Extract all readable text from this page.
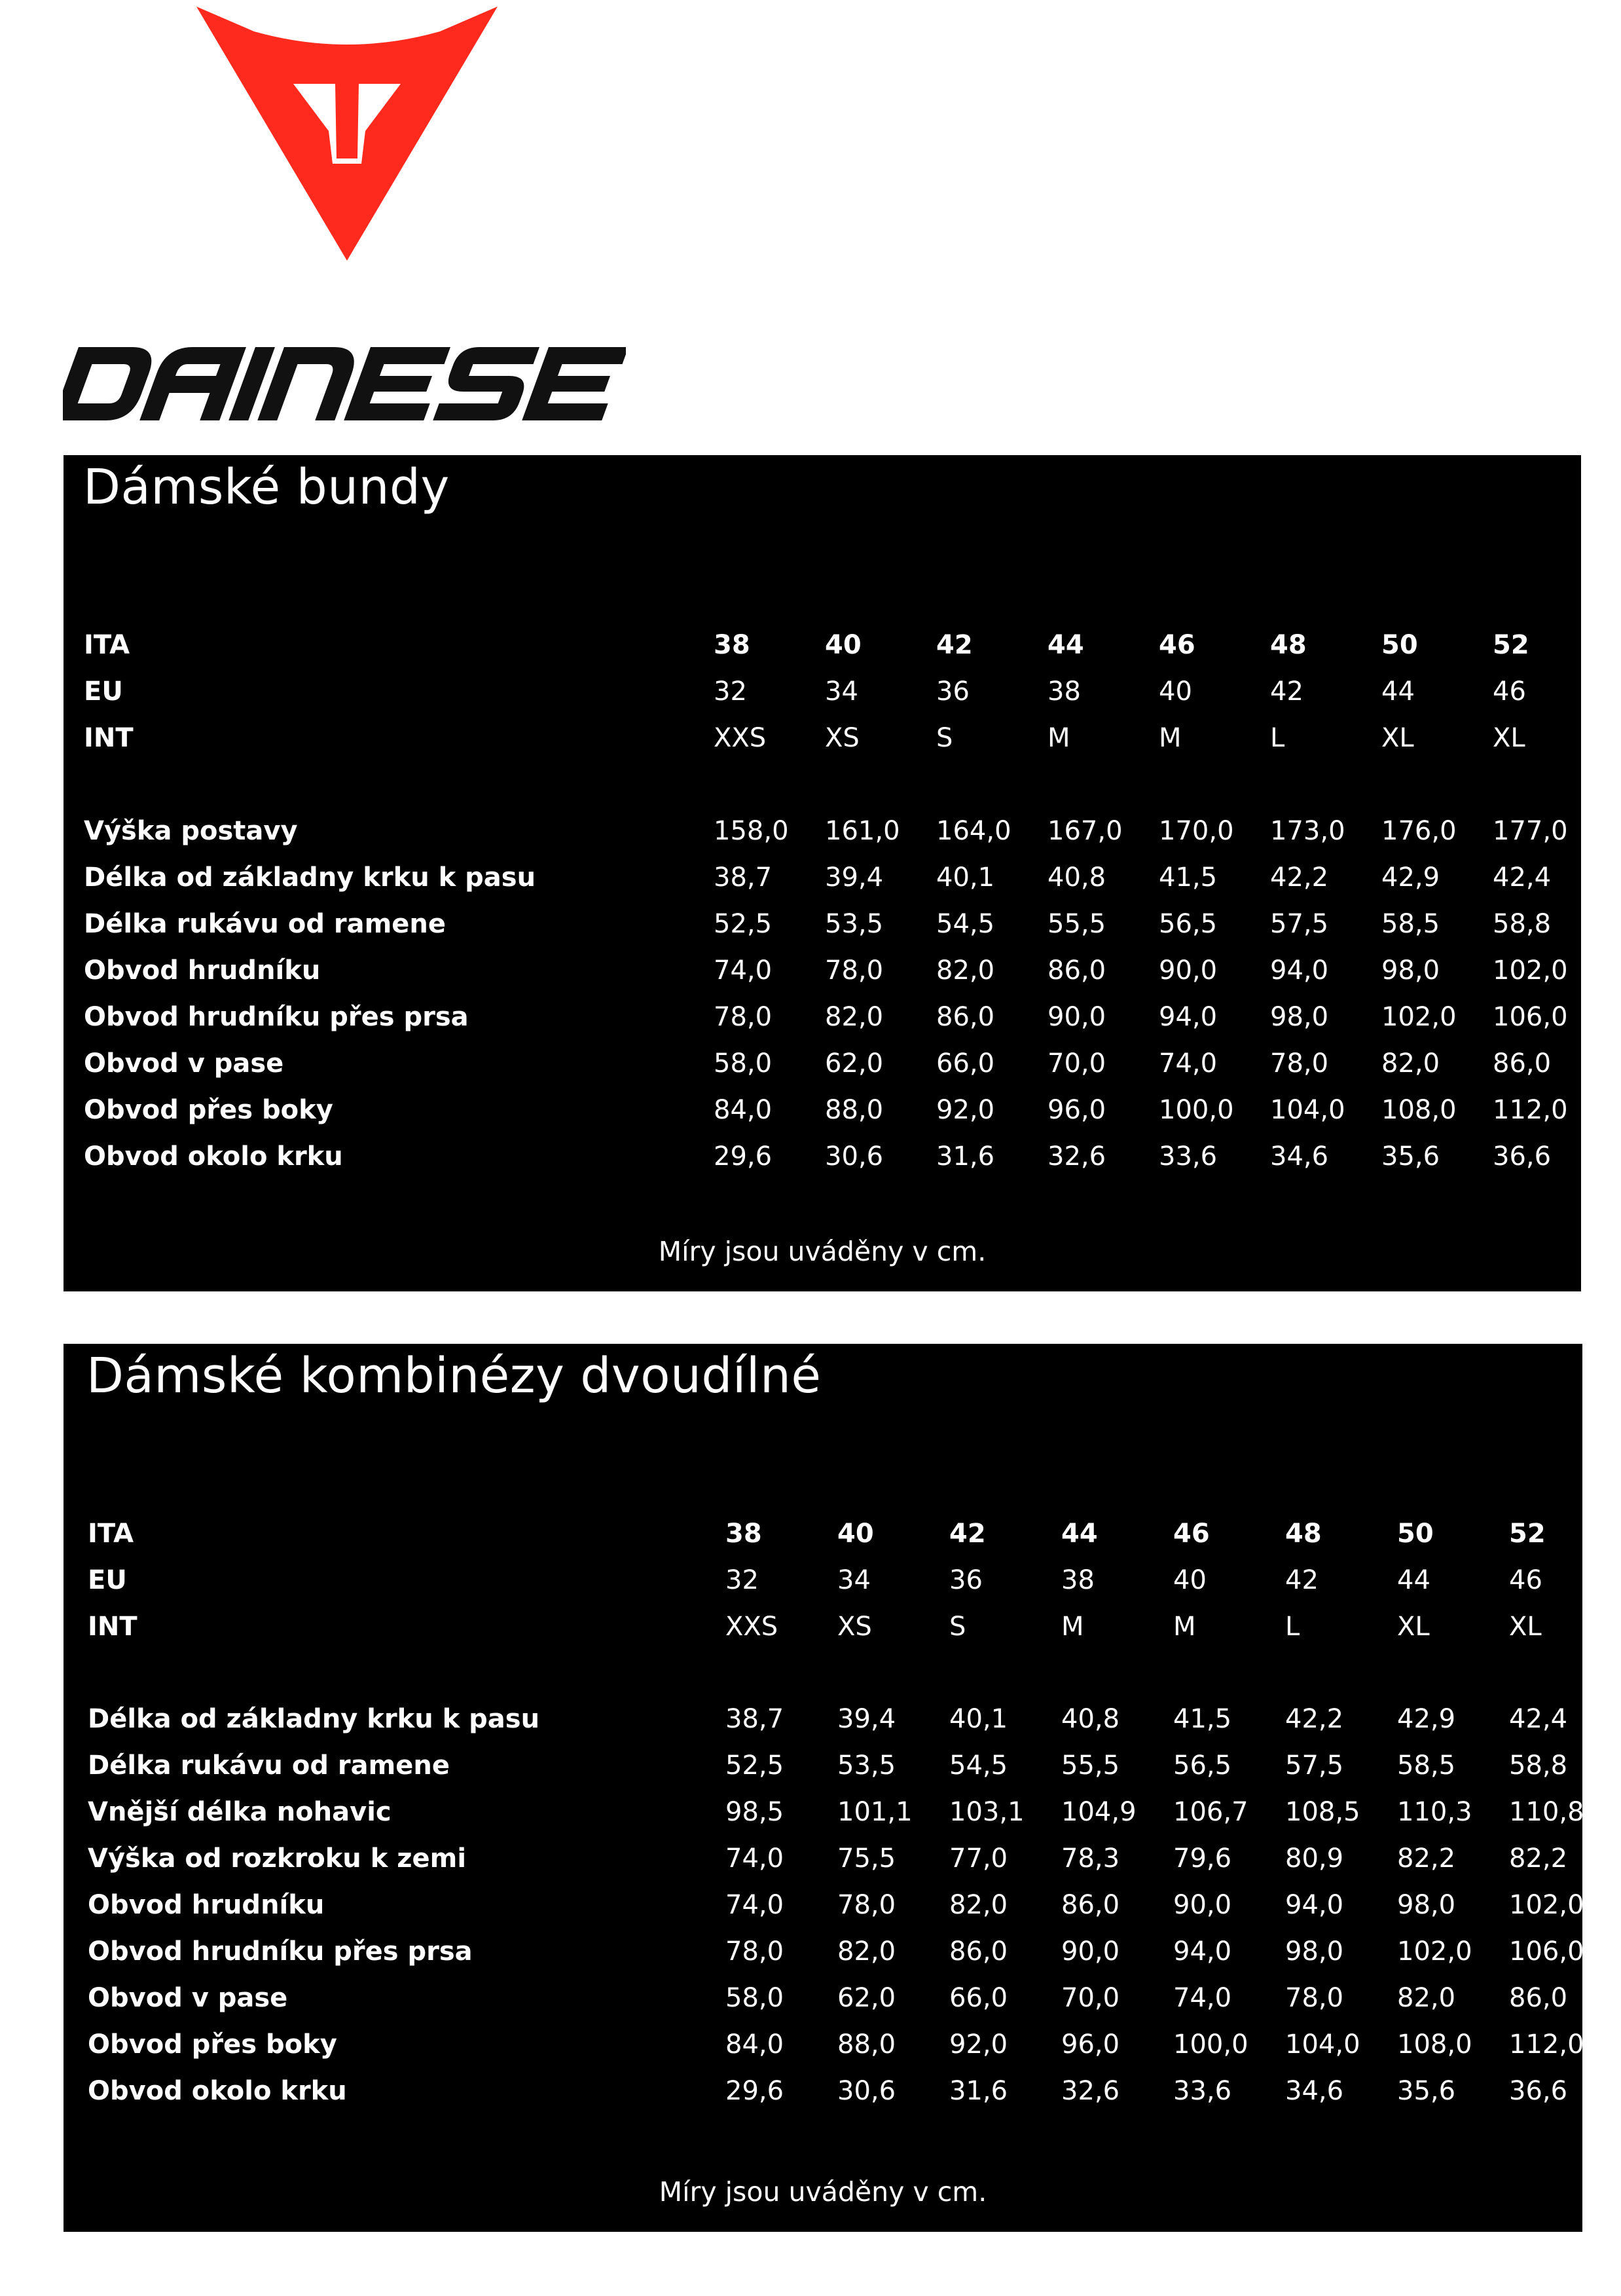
Dámské bundy
ITA	38	40	42	44	46	48	50	52
EU	32	34	36	38	40	42	44	46
INT	XXS XS	S	M	M	L	XL	XL
Výška postavy	158,0 161,0 164,0 167,0 170,0 173,0 176,0 177,0
Délka od základny krku k pasu	38,7 39,4 40,1 40,8 41,5 42,2 42,9 42,4
Délka rukávu od ramene	52,5 53,5 54,5 55,5 56,5 57,5 58,5 58,8
Obvod hrudníku	74,0 78,0 82,0 86,0 90,0 94,0 98,0 102,0
Obvod hrudníku přes prsa	78,0 82,0 86,0 90,0 94,0 98,0 102,0 106,0
Obvod v pase	58,0 62,0 66,0 70,0 74,0 78,0 82,0 86,0
Obvod přes boky	84,0 88,0 92,0 96,0 100,0 104,0 108,0 112,0
Obvod okolo krku	29,6 30,6 31,6 32,6 33,6 34,6 35,6 36,6
Míry jsou uváděny v cm.
Dámské kombinézy dvoudílné
ITA	38	40	42	44	46	48	50	52
EU	32	34	36	38	40	42	44	46
INT	XXS XS	S	M	M	L	XL	XL
Délka od základny krku k pasu	38,7 39,4 40,1 40,8 41,5 42,2 42,9 42,4
Délka rukávu od ramene	52,5 53,5 54,5 55,5 56,5 57,5 58,5 58,8
Vnější délka nohavic	98,5 101,1 103,1 104,9 106,7 108,5 110,3 110,8
Výška od rozkroku k zemi	74,0 75,5 77,0 78,3 79,6 80,9 82,2 82,2
Obvod hrudníku	74,0 78,0 82,0 86,0 90,0 94,0 98,0 102,0
Obvod hrudníku přes prsa	78,0 82,0 86,0 90,0 94,0 98,0 102,0 106,0
Obvod v pase	58,0 62,0 66,0 70,0 74,0 78,0 82,0 86,0
Obvod přes boky	84,0 88,0 92,0 96,0 100,0 104,0 108,0 112,0
Obvod okolo krku	29,6 30,6 31,6 32,6 33,6 34,6 35,6 36,6
Míry jsou uváděny v cm.
